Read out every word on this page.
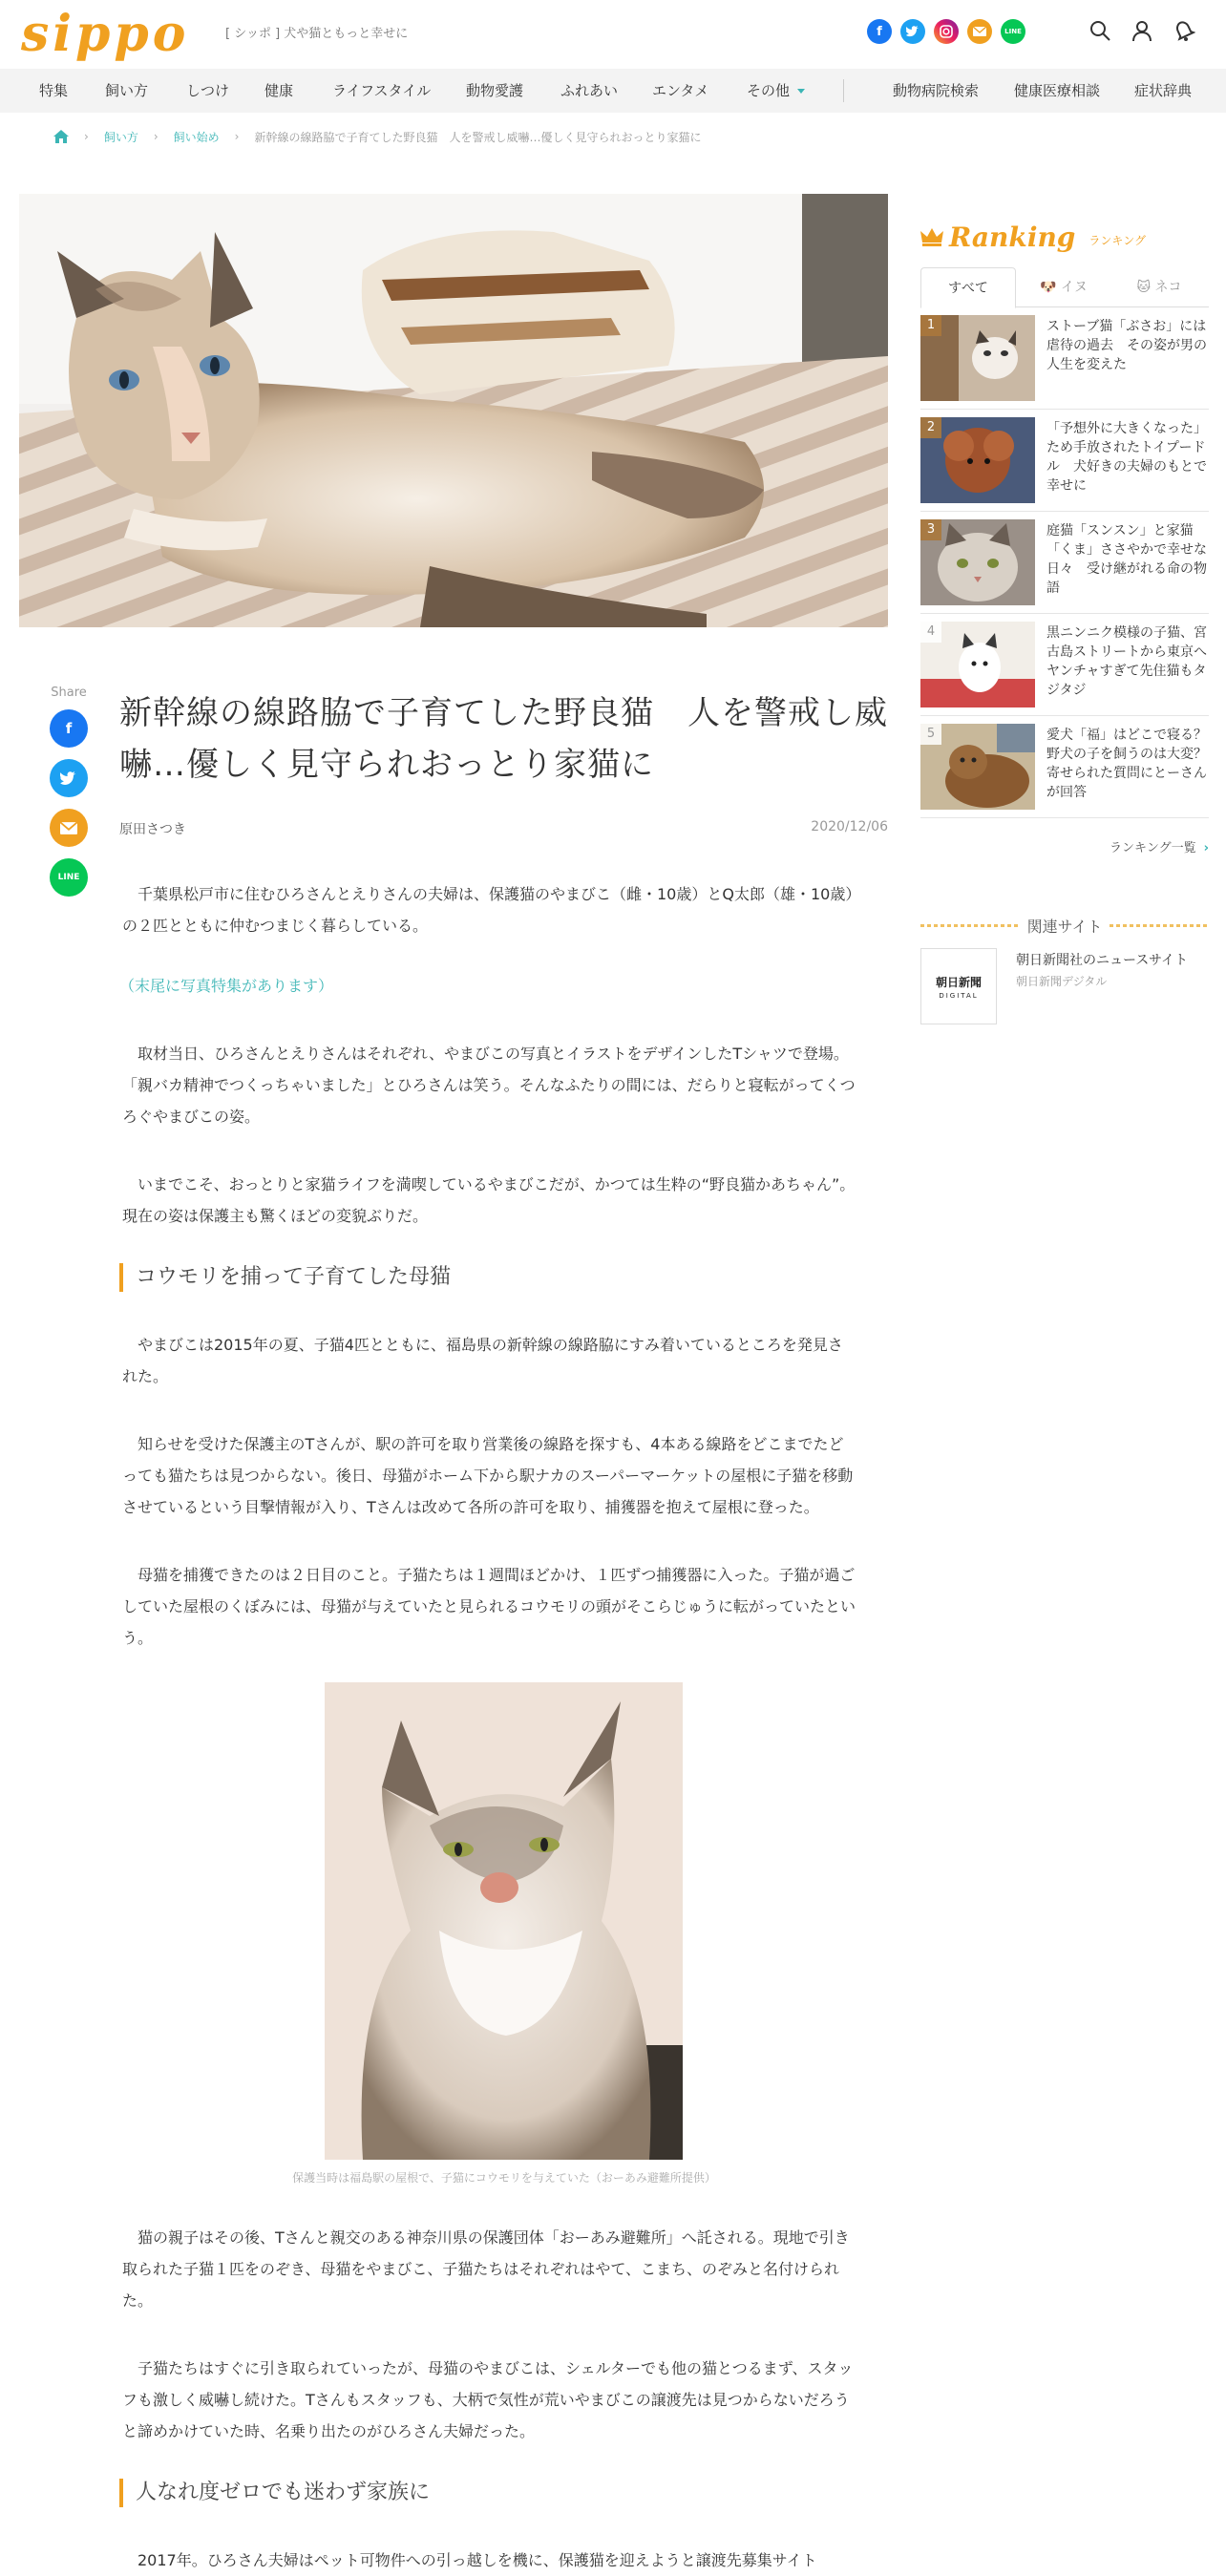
sippo	[ シッポ ] 犬や猫ともっと幸せに	f	LINE
特集	飼い方	しつけ 健康	ライフスタイル 動物愛護	ふれあい エンタメ	その他	動物病院検索 健康医療相談 症状辞典
› 飼い方 › 飼い始め › 新幹線の線路脇で子育てした野良猫　人を警戒し威嚇…優しく見守られおっとり家猫に
Share
f
LINE
新幹線の線路脇で子育てした野良猫　人を警戒し威嚇…優しく見守られおっとり家猫に
原田さつき	2020/12/06

千葉県松戸市に住むひろさんとえりさんの夫婦は、保護猫のやまびこ（雌・10歳）とQ太郎（雄・10歳）の２匹とともに仲むつまじく暮らしている。

（末尾に写真特集があります）

取材当日、ひろさんとえりさんはそれぞれ、やまびこの写真とイラストをデザインしたTシャツで登場。「親バカ精神でつくっちゃいました」とひろさんは笑う。そんなふたりの間には、だらりと寝転がってくつろぐやまびこの姿。

いまでこそ、おっとりと家猫ライフを満喫しているやまびこだが、かつては生粋の“野良猫かあちゃん”。現在の姿は保護主も驚くほどの変貌ぶりだ。

コウモリを捕って子育てした母猫

やまびこは2015年の夏、子猫4匹とともに、福島県の新幹線の線路脇にすみ着いているところを発見された。

知らせを受けた保護主のTさんが、駅の許可を取り営業後の線路を探すも、4本ある線路をどこまでたどっても猫たちは見つからない。後日、母猫がホーム下から駅ナカのスーパーマーケットの屋根に子猫を移動させているという目撃情報が入り、Tさんは改めて各所の許可を取り、捕獲器を抱えて屋根に登った。

母猫を捕獲できたのは２日目のこと。子猫たちは１週間ほどかけ、１匹ずつ捕獲器に入った。子猫が過ごしていた屋根のくぼみには、母猫が与えていたと見られるコウモリの頭がそこらじゅうに転がっていたという。

保護当時は福島駅の屋根で、子猫にコウモリを与えていた（おーあみ避難所提供）

猫の親子はその後、Tさんと親交のある神奈川県の保護団体「おーあみ避難所」へ託される。現地で引き取られた子猫１匹をのぞき、母猫をやまびこ、子猫たちはそれぞれはやて、こまち、のぞみと名付けられた。

子猫たちはすぐに引き取られていったが、母猫のやまびこは、シェルターでも他の猫とつるまず、スタッフも激しく威嚇し続けた。Tさんもスタッフも、大柄で気性が荒いやまびこの譲渡先は見つからないだろうと諦めかけていた時、名乗り出たのがひろさん夫婦だった。

人なれ度ゼロでも迷わず家族に

2017年。ひろさん夫婦はペット可物件への引っ越しを機に、保護猫を迎えようと譲渡先募集サイト

Ranking ランキング
すべて	🐶 イヌ	🐱 ネコ
1	ストーブ猫「ぶさお」には虐待の過去　その姿が男の人生を変えた
2	「予想外に大きくなった」ため手放されたトイプードル　犬好きの夫婦のもとで幸せに
3	庭猫「スンスン」と家猫「くま」ささやかで幸せな日々　受け継がれる命の物語
4	黒ニンニク模様の子猫、宮古島ストリートから東京へ　ヤンチャすぎて先住猫もタジタジ
5	愛犬「福」はどこで寝る？野犬の子を飼うのは大変？　寄せられた質問にとーさんが回答
ランキング一覧 ›
関連サイト
朝日新聞
DIGITAL
朝日新聞社のニュースサイト
朝日新聞デジタル
